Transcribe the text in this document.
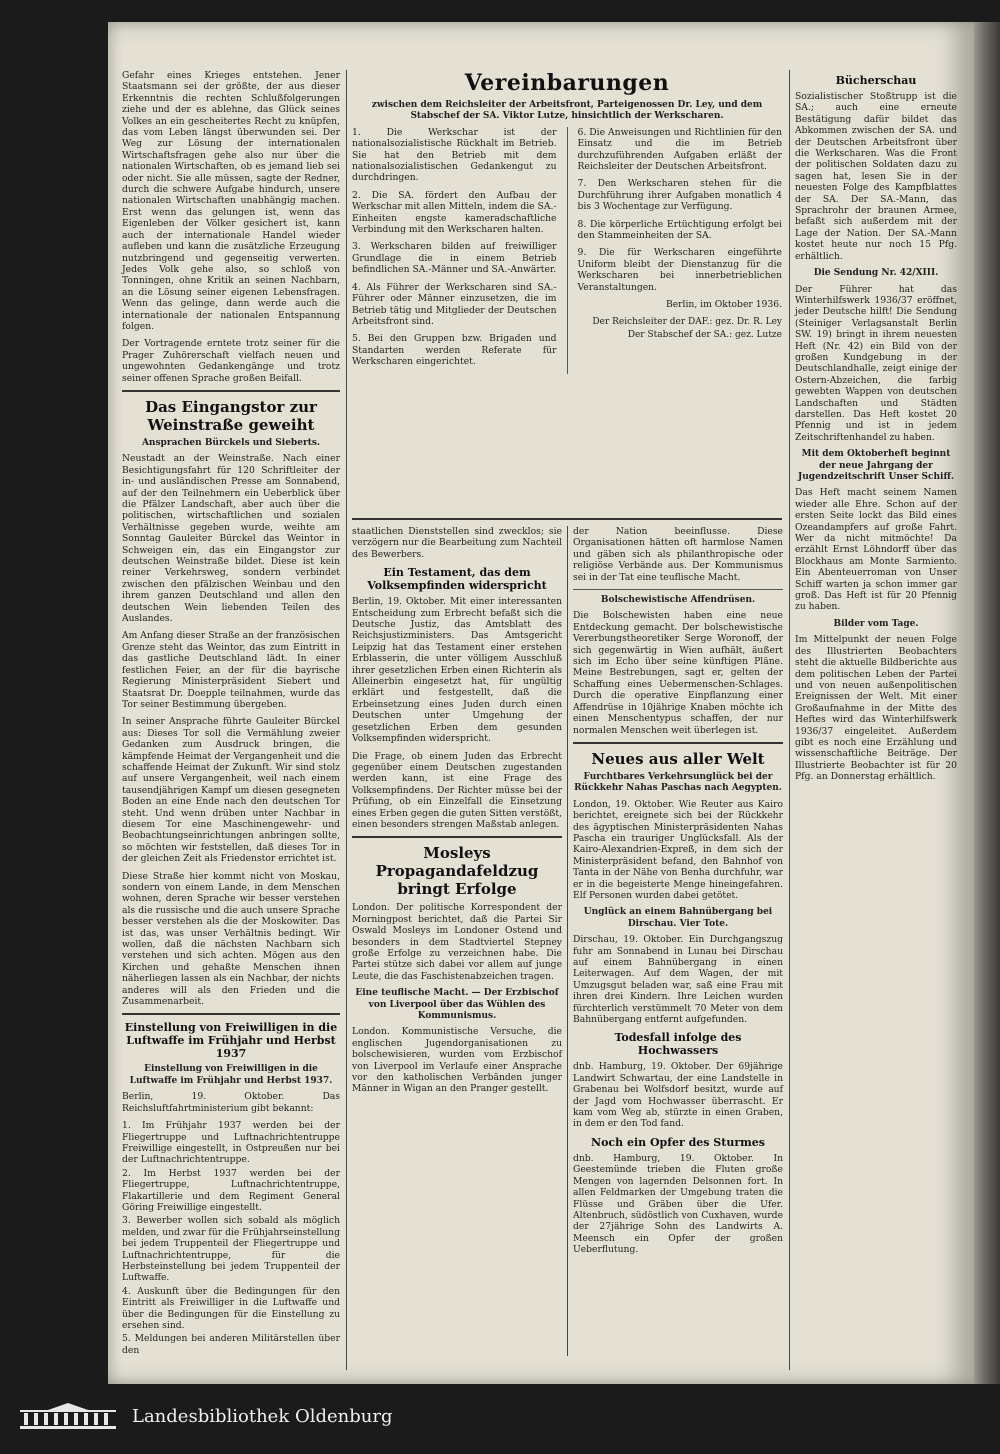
Gefahr eines Krieges entstehen. Jener Staatsmann sei der größte, der aus dieser Erkenntnis die rechten Schlußfolgerungen ziehe und der es ablehne, das Glück seines Volkes an ein gescheitertes Recht zu knüpfen, das vom Leben längst überwunden sei. Der Weg zur Lösung der internationalen Wirtschaftsfragen gehe also nur über die nationalen Wirtschaften, ob es jemand lieb sei oder nicht. Sie alle müssen, sagte der Redner, durch die schwere Aufgabe hindurch, unsere nationalen Wirtschaften unabhängig machen. Erst wenn das gelungen ist, wenn das Eigenleben der Völker gesichert ist, kann auch der internationale Handel wieder aufleben und kann die zusätzliche Erzeugung nutzbringend und gegenseitig verwerten. Jedes Volk gehe also, so schloß von Tonningen, ohne Kritik an seinen Nachbarn, an die Lösung seiner eigenen Lebensfragen. Wenn das gelinge, dann werde auch die internationale der nationalen Entspannung folgen.

Der Vortragende erntete trotz seiner für die Prager Zuhörerschaft vielfach neuen und ungewohnten Gedankengänge und trotz seiner offenen Sprache großen Beifall.

Das Eingangstor zur Weinstraße geweiht
Ansprachen Bürckels und Sieberts.

Neustadt an der Weinstraße. Nach einer Besichtigungsfahrt für 120 Schriftleiter der in- und ausländischen Presse am Sonnabend, auf der den Teilnehmern ein Ueberblick über die Pfälzer Landschaft, aber auch über die politischen, wirtschaftlichen und sozialen Verhältnisse gegeben wurde, weihte am Sonntag Gauleiter Bürckel das Weintor in Schweigen ein, das ein Eingangstor zur deutschen Weinstraße bildet. Diese ist kein reiner Verkehrsweg, sondern verbindet zwischen den pfälzischen Weinbau und den ihrem ganzen Deutschland und allen den deutschen Wein liebenden Teilen des Auslandes.

Am Anfang dieser Straße an der französischen Grenze steht das Weintor, das zum Eintritt in das gastliche Deutschland lädt. In einer festlichen Feier, an der für die bayrische Regierung Ministerpräsident Siebert und Staatsrat Dr. Doepple teilnahmen, wurde das Tor seiner Bestimmung übergeben.

In seiner Ansprache führte Gauleiter Bürckel aus: Dieses Tor soll die Vermählung zweier Gedanken zum Ausdruck bringen, die kämpfende Heimat der Vergangenheit und die schaffende Heimat der Zukunft. Wir sind stolz auf unsere Vergangenheit, weil nach einem tausendjährigen Kampf um diesen gesegneten Boden an eine Ende nach den deutschen Tor steht. Und wenn drüben unter Nachbar in diesem Tor eine Maschinengewehr- und Beobachtungseinrichtungen anbringen sollte, so möchten wir feststellen, daß dieses Tor in der gleichen Zeit als Friedenstor errichtet ist.

Diese Straße hier kommt nicht von Moskau, sondern von einem Lande, in dem Menschen wohnen, deren Sprache wir besser verstehen als die russische und die auch unsere Sprache besser verstehen als die der Moskowiter. Das ist das, was unser Verhältnis bedingt. Wir wollen, daß die nächsten Nachbarn sich verstehen und sich achten. Mögen aus den Kirchen und gehaßte Menschen ihnen näherliegen lassen als ein Nachbar, der nichts anderes will als den Frieden und die Zusammenarbeit.

Einstellung von Freiwilligen in die Luftwaffe im Frühjahr und Herbst 1937
Einstellung von Freiwilligen in die Luftwaffe im Frühjahr und Herbst 1937.

Berlin, 19. Oktober. Das Reichsluftfahrtministerium gibt bekannt:

1. Im Frühjahr 1937 werden bei der Fliegertruppe und Luftnachrichtentruppe Freiwillige eingestellt, in Ostpreußen nur bei der Luftnachrichtentruppe.
2. Im Herbst 1937 werden bei der Fliegertruppe, Luftnachrichtentruppe, Flakartillerie und dem Regiment General Göring Freiwillige eingestellt.
3. Bewerber wollen sich sobald als möglich melden, und zwar für die Frühjahrseinstellung bei jedem Truppenteil der Fliegertruppe und Luftnachrichtentruppe, für die Herbsteinstellung bei jedem Truppenteil der Luftwaffe.
4. Auskunft über die Bedingungen für den Eintritt als Freiwilliger in die Luftwaffe und über die Bedingungen für die Einstellung zu ersehen sind.
5. Meldungen bei anderen Militärstellen über den
Vereinbarungen
zwischen dem Reichsleiter der Arbeitsfront, Parteigenossen Dr. Ley, und dem Stabschef der SA. Viktor Lutze, hinsichtlich der Werkscharen.

1. Die Werkschar ist der nationalsozialistische Rückhalt im Betrieb. Sie hat den Betrieb mit dem nationalsozialistischen Gedankengut zu durchdringen.

2. Die SA. fördert den Aufbau der Werkschar mit allen Mitteln, indem die SA.-Einheiten engste kameradschaftliche Verbindung mit den Werkscharen halten.

3. Werkscharen bilden auf freiwilliger Grundlage die in einem Betrieb befindlichen SA.-Männer und SA.-Anwärter.

4. Als Führer der Werkscharen sind SA.-Führer oder Männer einzusetzen, die im Betrieb tätig und Mitglieder der Deutschen Arbeitsfront sind.

5. Bei den Gruppen bzw. Brigaden und Standarten werden Referate für Werkscharen eingerichtet.

6. Die Anweisungen und Richtlinien für den Einsatz und die im Betrieb durchzuführenden Aufgaben erläßt der Reichsleiter der Deutschen Arbeitsfront.

7. Den Werkscharen stehen für die Durchführung ihrer Aufgaben monatlich 4 bis 3 Wochentage zur Verfügung.

8. Die körperliche Ertüchtigung erfolgt bei den Stammeinheiten der SA.

9. Die für Werkscharen eingeführte Uniform bleibt der Dienstanzug für die Werkscharen bei innerbetrieblichen Veranstaltungen.

Berlin, im Oktober 1936.

Der Reichsleiter der DAF.: gez. Dr. R. Ley
Der Stabschef der SA.: gez. Lutze

staatlichen Dienststellen sind zwecklos; sie verzögern nur die Bearbeitung zum Nachteil des Bewerbers.

Ein Testament, das dem Volksempfinden widerspricht

Berlin, 19. Oktober. Mit einer interessanten Entscheidung zum Erbrecht befaßt sich die Deutsche Justiz, das Amtsblatt des Reichsjustizministers. Das Amtsgericht Leipzig hat das Testament einer erstehen Erblasserin, die unter völligem Ausschluß ihrer gesetzlichen Erben einen Richterin als Alleinerbin eingesetzt hat, für ungültig erklärt und festgestellt, daß die Erbeinsetzung eines Juden durch einen Deutschen unter Umgehung der gesetzlichen Erben dem gesunden Volksempfinden widerspricht.

Die Frage, ob einem Juden das Erbrecht gegenüber einem Deutschen zugestanden werden kann, ist eine Frage des Volksempfindens. Der Richter müsse bei der Prüfung, ob ein Einzelfall die Einsetzung eines Erben gegen die guten Sitten verstößt, einen besonders strengen Maßstab anlegen.

Mosleys Propagandafeldzug bringt Erfolge

London. Der politische Korrespondent der Morningpost berichtet, daß die Partei Sir Oswald Mosleys im Londoner Ostend und besonders in dem Stadtviertel Stepney große Erfolge zu verzeichnen habe. Die Partei stütze sich dabei vor allem auf junge Leute, die das Faschistenabzeichen tragen.

Eine teuflische Macht. — Der Erzbischof von Liverpool über das Wühlen des Kommunismus.

London. Kommunistische Versuche, die englischen Jugendorganisationen zu bolschewisieren, wurden vom Erzbischof von Liverpool im Verlaufe einer Ansprache vor den katholischen Verbänden junger Männer in Wigan an den Pranger gestellt.

der Nation beeinflusse. Diese Organisationen hätten oft harmlose Namen und gäben sich als philanthropische oder religiöse Verbände aus. Der Kommunismus sei in der Tat eine teuflische Macht.

Bolschewistische Affendrüsen.

Die Bolschewisten haben eine neue Entdeckung gemacht. Der bolschewistische Vererbungstheoretiker Serge Woronoff, der sich gegenwärtig in Wien aufhält, äußert sich im Echo über seine künftigen Pläne. Meine Bestrebungen, sagt er, gelten der Schaffung eines Uebermenschen-Schlages. Durch die operative Einpflanzung einer Affendrüse in 10jährige Knaben möchte ich einen Menschentypus schaffen, der nur normalen Menschen weit überlegen ist.

Neues aus aller Welt
Furchtbares Verkehrsunglück bei der Rückkehr Nahas Paschas nach Aegypten.

London, 19. Oktober. Wie Reuter aus Kairo berichtet, ereignete sich bei der Rückkehr des ägyptischen Ministerpräsidenten Nahas Pascha ein trauriger Unglücksfall. Als der Kairo-Alexandrien-Expreß, in dem sich der Ministerpräsident befand, den Bahnhof von Tanta in der Nähe von Benha durchfuhr, war er in die begeisterte Menge hineingefahren. Elf Personen wurden dabei getötet.

Unglück an einem Bahnübergang bei Dirschau. Vier Tote.

Dirschau, 19. Oktober. Ein Durchgangszug fuhr am Sonnabend in Lunau bei Dirschau auf einem Bahnübergang in einen Leiterwagen. Auf dem Wagen, der mit Umzugsgut beladen war, saß eine Frau mit ihren drei Kindern. Ihre Leichen wurden fürchterlich verstümmelt 70 Meter von dem Bahnübergang entfernt aufgefunden.

Todesfall infolge des Hochwassers

dnb. Hamburg, 19. Oktober. Der 69jährige Landwirt Schwartau, der eine Landstelle in Grabenau bei Wolfsdorf besitzt, wurde auf der Jagd vom Hochwasser überrascht. Er kam vom Weg ab, stürzte in einen Graben, in dem er den Tod fand.

Noch ein Opfer des Sturmes

dnb. Hamburg, 19. Oktober. In Geestemünde trieben die Fluten große Mengen von lagernden Delsonnen fort. In allen Feldmarken der Umgebung traten die Flüsse und Gräben über die Ufer. Altenbruch, südöstlich von Cuxhaven, wurde der 27jährige Sohn des Landwirts A. Meensch ein Opfer der großen Ueberflutung.

Bücherschau

Sozialistischer Stoßtrupp ist die SA.; auch eine erneute Bestätigung dafür bildet das Abkommen zwischen der SA. und der Deutschen Arbeitsfront über die Werkscharen. Was die Front der politischen Soldaten dazu zu sagen hat, lesen Sie in der neuesten Folge des Kampfblattes der SA. Der SA.-Mann, das Sprachrohr der braunen Armee, befaßt sich außerdem mit der Lage der Nation. Der SA.-Mann kostet heute nur noch 15 Pfg. erhältlich.

Die Sendung Nr. 42/XIII.

Der Führer hat das Winterhilfswerk 1936/37 eröffnet, jeder Deutsche hilft! Die Sendung (Steiniger Verlagsanstalt Berlin SW. 19) bringt in ihrem neuesten Heft (Nr. 42) ein Bild von der großen Kundgebung in der Deutschlandhalle, zeigt einige der Ostern-Abzeichen, die farbig gewebten Wappen von deutschen Landschaften und Städten darstellen. Das Heft kostet 20 Pfennig und ist in jedem Zeitschriftenhandel zu haben.

Mit dem Oktoberheft beginnt der neue Jahrgang der Jugendzeitschrift Unser Schiff.

Das Heft macht seinem Namen wieder alle Ehre. Schon auf der ersten Seite lockt das Bild eines Ozeandampfers auf große Fahrt. Wer da nicht mitmöchte! Da erzählt Ernst Löhndorff über das Blockhaus am Monte Sarmiento. Ein Abenteuerroman von Unser Schiff warten ja schon immer gar groß. Das Heft ist für 20 Pfennig zu haben.

Bilder vom Tage.

Im Mittelpunkt der neuen Folge des Illustrierten Beobachters steht die aktuelle Bildberichte aus dem politischen Leben der Partei und von neuen außenpolitischen Ereignissen der Welt. Mit einer Großaufnahme in der Mitte des Heftes wird das Winterhilfswerk 1936/37 eingeleitet. Außerdem gibt es noch eine Erzählung und wissenschaftliche Beiträge. Der Illustrierte Beobachter ist für 20 Pfg. an Donnerstag erhältlich.

Landesbibliothek Oldenburg
